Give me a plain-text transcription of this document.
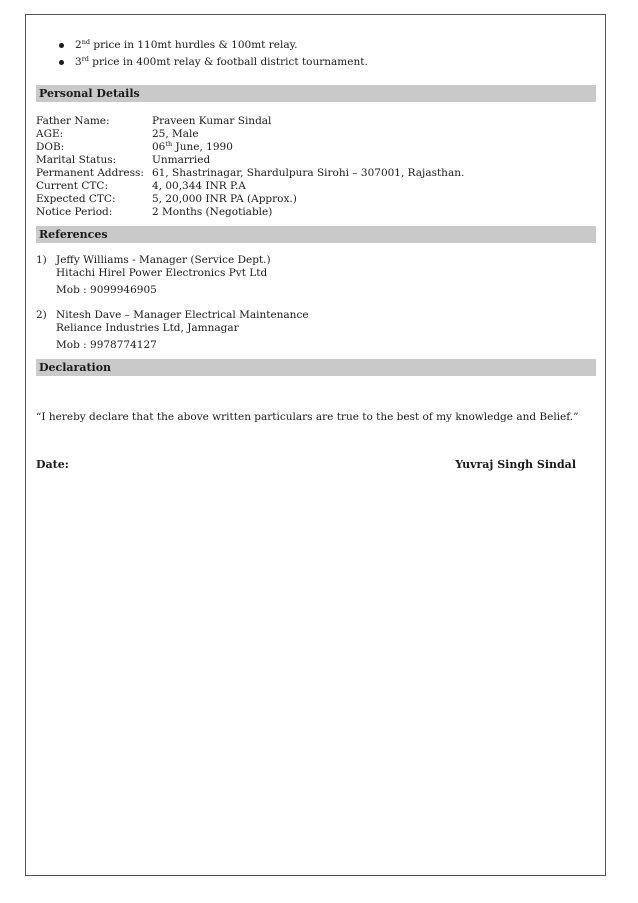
2nd price in 110mt hurdles & 100mt relay.
3rd price in 400mt relay & football district tournament.
Personal Details
Father Name:	Praveen Kumar Sindal
AGE:	25, Male
DOB:	06th June, 1990
Marital Status:	Unmarried
Permanent Address: 61, Shastrinagar, Shardulpura Sirohi – 307001, Rajasthan.
Current CTC:	4, 00,344 INR P.A
Expected CTC:	5, 20,000 INR PA (Approx.)
Notice Period:	2 Months (Negotiable)
References
1) Jeffy Williams - Manager (Service Dept.)
Hitachi Hirel Power Electronics Pvt Ltd
Mob : 9099946905
2) Nitesh Dave – Manager Electrical Maintenance
Reliance Industries Ltd, Jamnagar
Mob : 9978774127
Declaration
“I hereby declare that the above written particulars are true to the best of my knowledge and Belief.”
Date:	Yuvraj Singh Sindal
